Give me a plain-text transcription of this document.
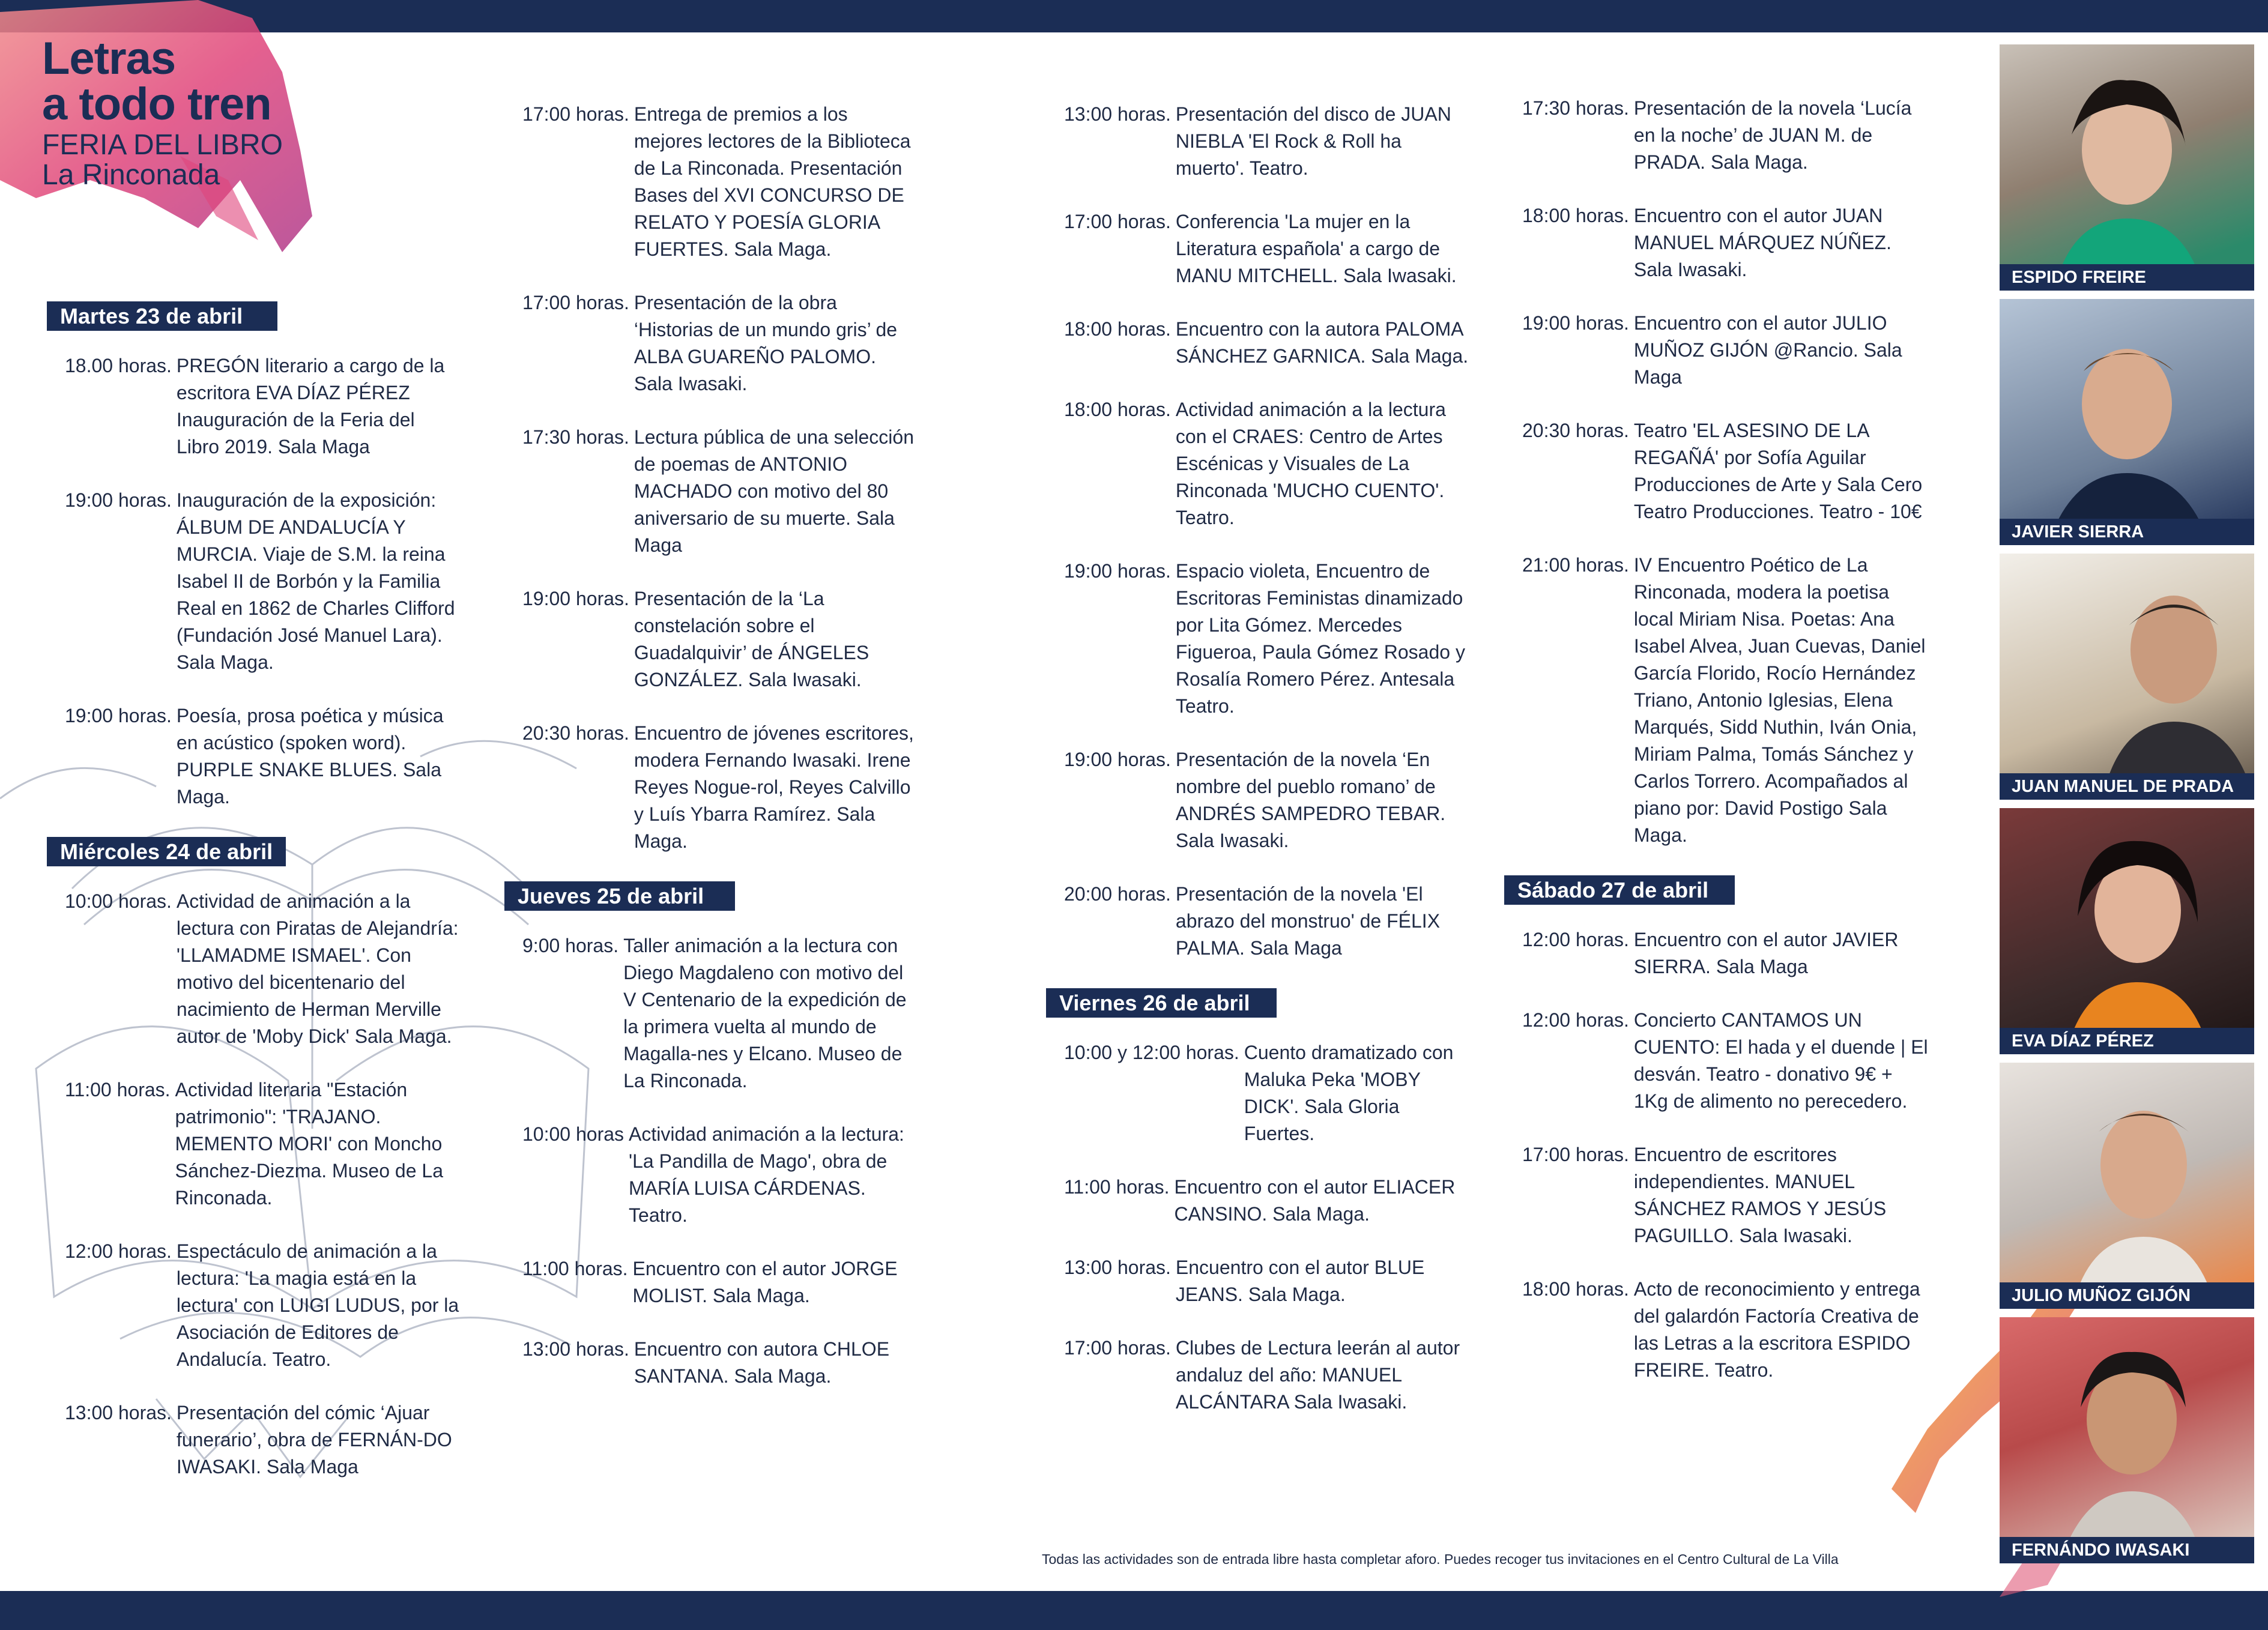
Letras
a todo tren
FERIA DEL LIBRO
La Rinconada
Martes 23 de abril
18.00 horas. PREGÓN literario a cargo de la escritora EVA DÍAZ PÉREZ Inauguración de la Feria del Libro 2019. Sala Maga
19:00 horas. Inauguración de la exposición: ÁLBUM DE ANDALUCÍA Y MURCIA. Viaje de S.M. la reina Isabel II de Borbón y la Familia Real en 1862 de Charles Clifford (Fundación José Manuel Lara). Sala Maga.
19:00 horas. Poesía, prosa poética y música en acústico (spoken word). PURPLE SNAKE BLUES. Sala Maga.
Miércoles 24 de abril
10:00 horas. Actividad de animación a la lectura con Piratas de Alejandría: 'LLAMADME ISMAEL'. Con motivo del bicentenario del nacimiento de Herman Merville autor de 'Moby Dick' Sala Maga.
11:00 horas. Actividad literaria "Estación patrimonio": 'TRAJANO. MEMENTO MORI' con Moncho Sánchez-Diezma. Museo de La Rinconada.
12:00 horas. Espectáculo de animación a la lectura: 'La magia está en la lectura' con LUIGI LUDUS, por la Asociación de Editores de Andalucía. Teatro.
13:00 horas. Presentación del cómic ‘Ajuar funerario’, obra de FERNÁN-DO IWASAKI. Sala Maga
17:00 horas. Entrega de premios a los mejores lectores de la Biblioteca de La Rinconada. Presentación Bases del XVI CONCURSO DE RELATO Y POESÍA GLORIA FUERTES. Sala Maga.
17:00 horas. Presentación de la obra ‘Historias de un mundo gris’ de ALBA GUAREÑO PALOMO. Sala Iwasaki.
17:30 horas. Lectura pública de una selección de poemas de ANTONIO MACHADO con motivo del 80 aniversario de su muerte. Sala Maga
19:00 horas. Presentación de la ‘La constelación sobre el Guadalquivir’ de ÁNGELES GONZÁLEZ. Sala Iwasaki.
20:30 horas. Encuentro de jóvenes escritores, modera Fernando Iwasaki. Irene Reyes Nogue-rol, Reyes Calvillo y Luís Ybarra Ramírez. Sala Maga.
Jueves 25 de abril
9:00 horas. Taller animación a la lectura con Diego Magdaleno con motivo del V Centenario de la expedición de la primera vuelta al mundo de Magalla-nes y Elcano. Museo de La Rinconada.
10:00 horas Actividad animación a la lectura: 'La Pandilla de Mago', obra de MARÍA LUISA CÁRDENAS. Teatro.
11:00 horas. Encuentro con el autor JORGE MOLIST. Sala Maga.
13:00 horas. Encuentro con autora CHLOE SANTANA. Sala Maga.
13:00 horas. Presentación del disco de JUAN NIEBLA 'El Rock & Roll ha muerto'. Teatro.
17:00 horas. Conferencia 'La mujer en la Literatura española' a cargo de MANU MITCHELL. Sala Iwasaki.
18:00 horas. Encuentro con la autora PALOMA SÁNCHEZ GARNICA. Sala Maga.
18:00 horas. Actividad animación a la lectura con el CRAES: Centro de Artes Escénicas y Visuales de La Rinconada 'MUCHO CUENTO'. Teatro.
19:00 horas. Espacio violeta, Encuentro de Escritoras Feministas dinamizado por Lita Gómez. Mercedes Figueroa, Paula Gómez Rosado y Rosalía Romero Pérez. Antesala Teatro.
19:00 horas. Presentación de la novela ‘En nombre del pueblo romano’ de ANDRÉS SAMPEDRO TEBAR. Sala Iwasaki.
20:00 horas. Presentación de la novela 'El abrazo del monstruo' de FÉLIX PALMA. Sala Maga
Viernes 26 de abril
10:00 y 12:00 horas. Cuento dramatizado con Maluka Peka 'MOBY DICK'. Sala Gloria Fuertes.
11:00 horas. Encuentro con el autor ELIACER CANSINO. Sala Maga.
13:00 horas. Encuentro con el autor BLUE JEANS. Sala Maga.
17:00 horas. Clubes de Lectura leerán al autor andaluz del año: MANUEL ALCÁNTARA Sala Iwasaki.
17:30 horas. Presentación de la novela ‘Lucía en la noche’ de JUAN M. de PRADA. Sala Maga.
18:00 horas. Encuentro con el autor JUAN MANUEL MÁRQUEZ NÚÑEZ. Sala Iwasaki.
19:00 horas. Encuentro con el autor JULIO MUÑOZ GIJÓN @Rancio. Sala Maga
20:30 horas. Teatro 'EL ASESINO DE LA REGAÑÁ' por Sofía Aguilar Producciones de Arte y Sala Cero Teatro Producciones. Teatro - 10€
21:00 horas. IV Encuentro Poético de La Rinconada, modera la poetisa local Miriam Nisa. Poetas: Ana Isabel Alvea, Juan Cuevas, Daniel García Florido, Rocío Hernández Triano, Antonio Iglesias, Elena Marqués, Sidd Nuthin, Iván Onia, Miriam Palma, Tomás Sánchez y Carlos Torrero. Acompañados al piano por: David Postigo Sala Maga.
Sábado 27 de abril
12:00 horas. Encuentro con el autor JAVIER SIERRA. Sala Maga
12:00 horas. Concierto CANTAMOS UN CUENTO: El hada y el duende | El desván. Teatro - donativo 9€ + 1Kg de alimento no perecedero.
17:00 horas. Encuentro de escritores independientes. MANUEL SÁNCHEZ RAMOS Y JESÚS PAGUILLO. Sala Iwasaki.
18:00 horas. Acto de reconocimiento y entrega del galardón Factoría Creativa de las Letras a la escritora ESPIDO FREIRE. Teatro.
Todas las actividades son de entrada libre hasta completar aforo. Puedes recoger tus invitaciones en el Centro Cultural de La Villa
ESPIDO FREIRE
JAVIER SIERRA
JUAN MANUEL DE PRADA
EVA DÍAZ PÉREZ
JULIO MUÑOZ GIJÓN
FERNÁNDO IWASAKI
